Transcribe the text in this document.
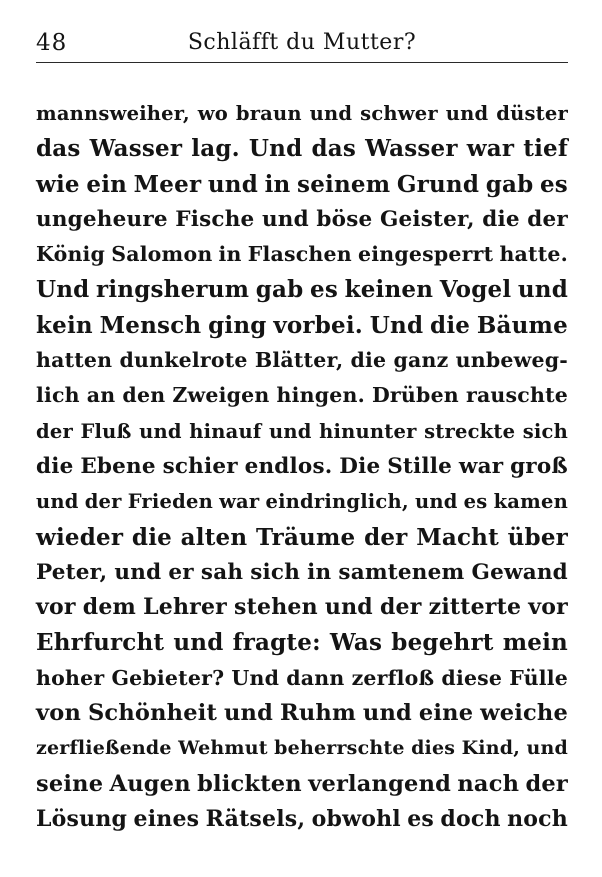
48	Schläfft du Mutter?
mannsweiher, wo braun und schwer und düster
das Wasser lag. Und das Wasser war tief
wie ein Meer und in seinem Grund gab es
ungeheure Fische und böse Geister, die der
König Salomon in Flaschen eingesperrt hatte.
Und ringsherum gab es keinen Vogel und
kein Mensch ging vorbei. Und die Bäume
hatten dunkelrote Blätter, die ganz unbeweg-
lich an den Zweigen hingen. Drüben rauschte
der Fluß und hinauf und hinunter streckte sich
die Ebene schier endlos. Die Stille war groß
und der Frieden war eindringlich, und es kamen
wieder die alten Träume der Macht über
Peter, und er sah sich in samtenem Gewand
vor dem Lehrer stehen und der zitterte vor
Ehrfurcht und fragte: Was begehrt mein
hoher Gebieter? Und dann zerfloß diese Fülle
von Schönheit und Ruhm und eine weiche
zerfließende Wehmut beherrschte dies Kind, und
seine Augen blickten verlangend nach der
Lösung eines Rätsels, obwohl es doch noch
